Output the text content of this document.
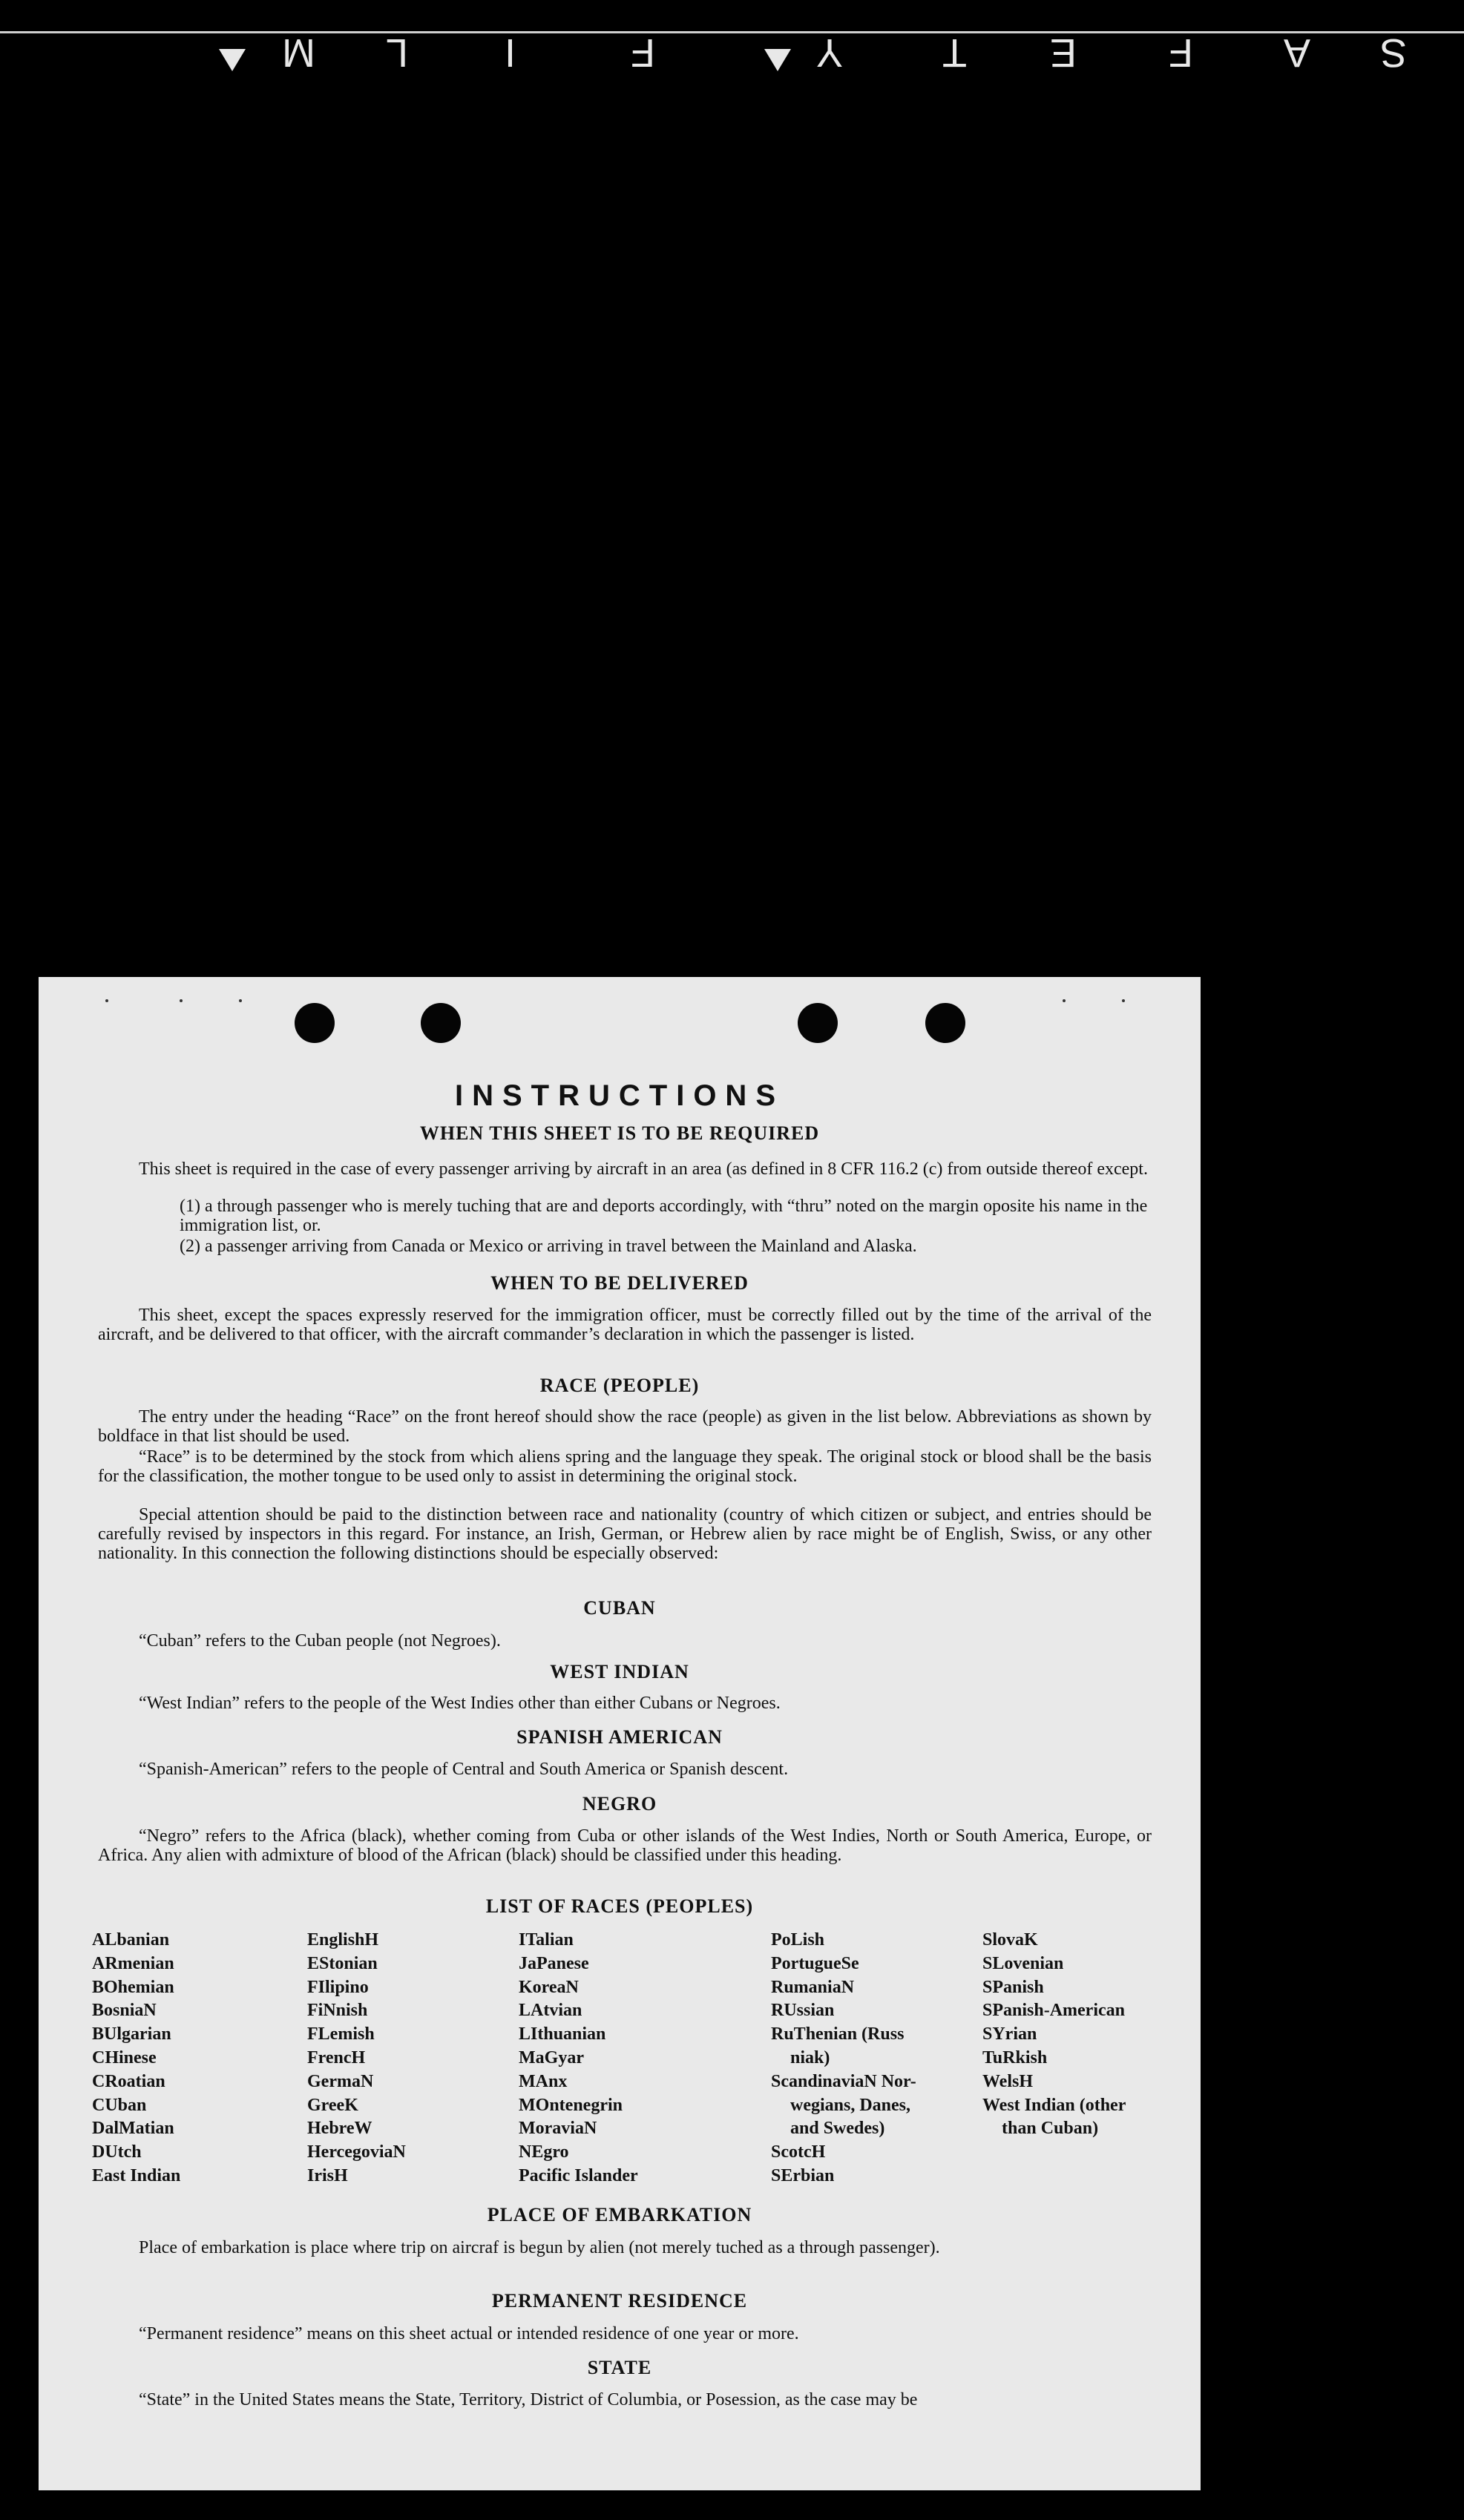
S
A
F
E
T
Y
F
I
L
M
INSTRUCTIONS
WHEN THIS SHEET IS TO BE REQUIRED
This sheet is required in the case of every passenger arriving by aircraft in an area (as defined in 8 CFR 116.2 (c) from outside thereof except.
(1) a through passenger who is merely tuching that are and deports accordingly, with “thru” noted on the margin oposite his name in the immigration list, or.
(2) a passenger arriving from Canada or Mexico or arriving in travel between the Mainland and Alaska.
WHEN TO BE DELIVERED
This sheet, except the spaces expressly reserved for the immigration officer, must be correctly filled out by the time of the arrival of the aircraft, and be delivered to that officer, with the aircraft commander’s declaration in which the passenger is listed.
RACE (PEOPLE)
The entry under the heading “Race” on the front hereof should show the race (people) as given in the list below. Abbreviations as shown by boldface in that list should be used.
“Race” is to be determined by the stock from which aliens spring and the language they speak. The original stock or blood shall be the basis for the classification, the mother tongue to be used only to assist in determining the original stock.
Special attention should be paid to the distinction between race and nationality (country of which citizen or subject, and entries should be carefully revised by inspectors in this regard. For instance, an Irish, German, or Hebrew alien by race might be of English, Swiss, or any other nationality. In this connection the following distinctions should be especially observed:
CUBAN
“Cuban” refers to the Cuban people (not Negroes).
WEST INDIAN
“West Indian” refers to the people of the West Indies other than either Cubans or Negroes.
SPANISH AMERICAN
“Spanish-American” refers to the people of Central and South America or Spanish descent.
NEGRO
“Negro” refers to the Africa (black), whether coming from Cuba or other islands of the West Indies, North or South America, Europe, or Africa. Any alien with admixture of blood of the African (black) should be classified under this heading.
LIST OF RACES (PEOPLES)
ALbanian
ARmenian
BOhemian
BosniaN
BUlgarian
CHinese
CRoatian
CUban
DalMatian
DUtch
East Indian
EnglishH
EStonian
FIlipino
FiNnish
FLemish
FrencH
GermaN
GreeK
HebreW
HercegoviaN
IrisH
ITalian
JaPanese
KoreaN
LAtvian
LIthuanian
MaGyar
MAnx
MOntenegrin
MoraviaN
NEgro
Pacific Islander
PoLish
PortugueSe
RumaniaN
RUssian
RuThenian (Russ
niak)
ScandinaviaN Nor-
wegians, Danes,
and Swedes)
ScotcH
SErbian
SlovaK
SLovenian
SPanish
SPanish-American
SYrian
TuRkish
WelsH
West Indian (other
than Cuban)
PLACE OF EMBARKATION
Place of embarkation is place where trip on aircraf is begun by alien (not merely tuched as a through passenger).
PERMANENT RESIDENCE
“Permanent residence” means on this sheet actual or intended residence of one year or more.
STATE
“State” in the United States means the State, Territory, District of Columbia, or Posession, as the case may be
